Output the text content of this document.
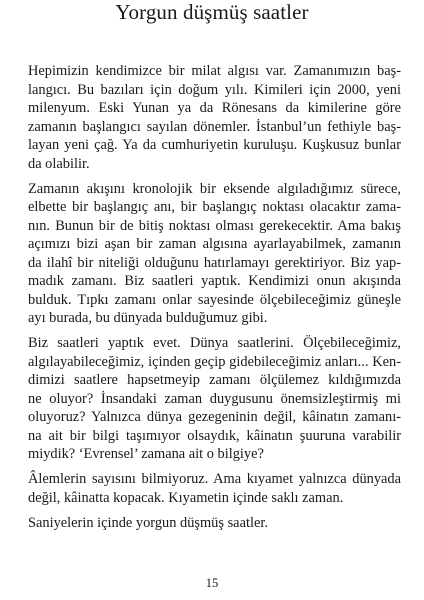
Yorgun düşmüş saatler
Hepimizin kendimizce bir milat algısı var. Zamanımızın baş-
langıcı. Bu bazıları için doğum yılı. Kimileri için 2000, yeni
milenyum. Eski Yunan ya da Rönesans da kimilerine göre
zamanın başlangıcı sayılan dönemler. İstanbul’un fethiyle baş-
layan yeni çağ. Ya da cumhuriyetin kuruluşu. Kuşkusuz bunlar
da olabilir.
Zamanın akışını kronolojik bir eksende algıladığımız sürece,
elbette bir başlangıç anı, bir başlangıç noktası olacaktır zama-
nın. Bunun bir de bitiş noktası olması gerekecektir. Ama bakış
açımızı bizi aşan bir zaman algısına ayarlayabilmek, zamanın
da ilahî bir niteliği olduğunu hatırlamayı gerektiriyor. Biz yap-
madık zamanı. Biz saatleri yaptık. Kendimizi onun akışında
bulduk. Tıpkı zamanı onlar sayesinde ölçebileceğimiz güneşle
ayı burada, bu dünyada bulduğumuz gibi.
Biz saatleri yaptık evet. Dünya saatlerini. Ölçebileceğimiz,
algılayabileceğimiz, içinden geçip gidebileceğimiz anları... Ken-
dimizi saatlere hapsetmeyip zamanı ölçülemez kıldığımızda
ne oluyor? İnsandaki zaman duygusunu önemsizleştirmiş mi
oluyoruz? Yalnızca dünya gezegeninin değil, kâinatın zamanı-
na ait bir bilgi taşımıyor olsaydık, kâinatın şuuruna varabilir
miydik? ‘Evrensel’ zamana ait o bilgiye?
Âlemlerin sayısını bilmiyoruz. Ama kıyamet yalnızca dünyada
değil, kâinatta kopacak. Kıyametin içinde saklı zaman.
Saniyelerin içinde yorgun düşmüş saatler.
15
